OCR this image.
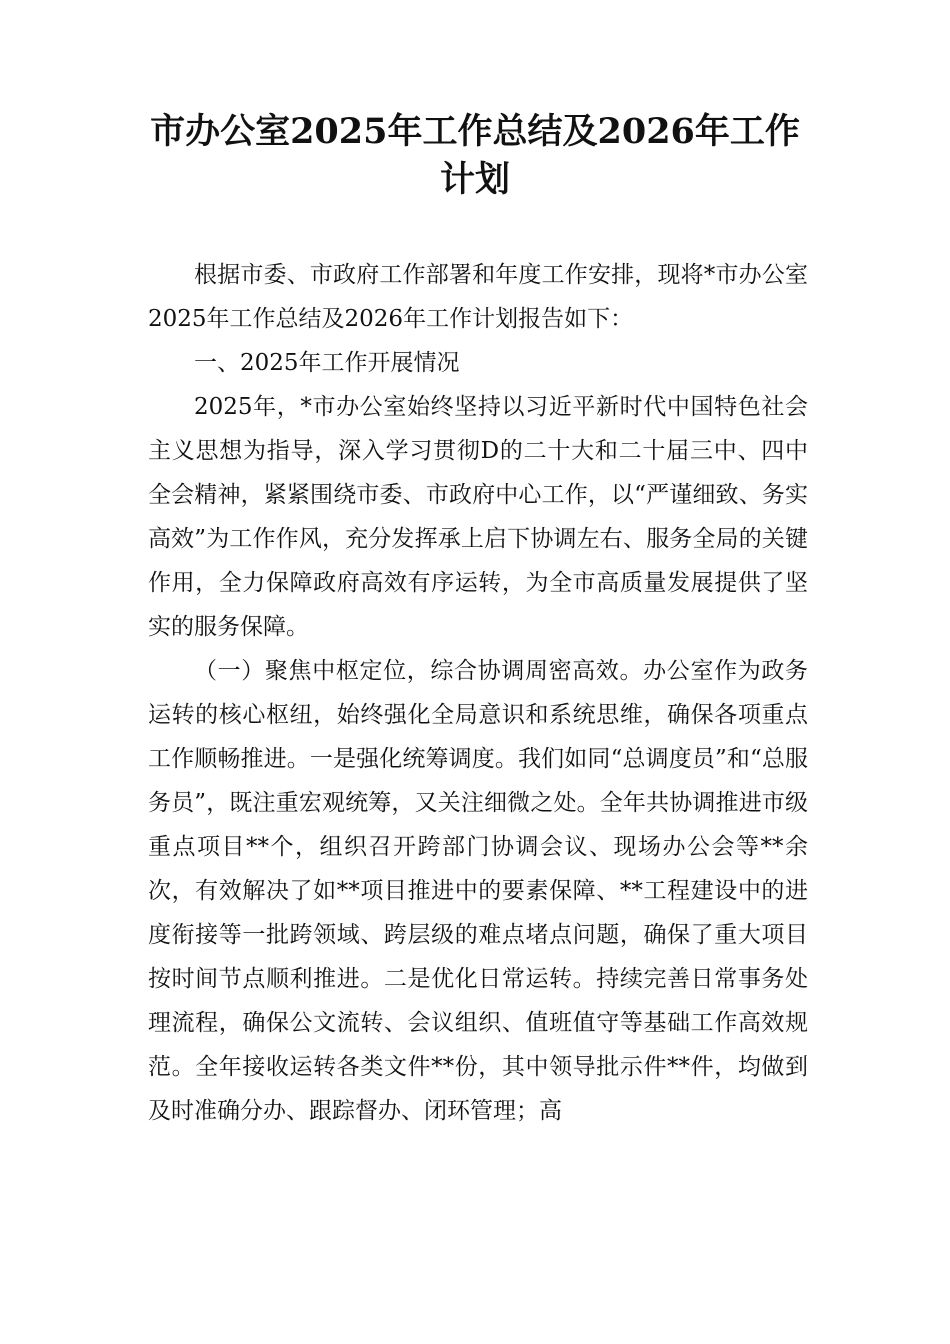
市办公室2025年工作总结及2026年工作计划

根据市委、市政府工作部署和年度工作安排，现将*市办公室2025年工作总结及2026年工作计划报告如下：

一、2025年工作开展情况

2025年，*市办公室始终坚持以习近平新时代中国特色社会主义思想为指导，深入学习贯彻D的二十大和二十届三中、四中全会精神，紧紧围绕市委、市政府中心工作，以“严谨细致、务实高效”为工作作风，充分发挥承上启下协调左右、服务全局的关键作用，全力保障政府高效有序运转，为全市高质量发展提供了坚实的服务保障。

（一）聚焦中枢定位，综合协调周密高效。办公室作为政务运转的核心枢纽，始终强化全局意识和系统思维，确保各项重点工作顺畅推进。一是强化统筹调度。我们如同“总调度员”和“总服务员”，既注重宏观统筹，又关注细微之处。全年共协调推进市级重点项目**个，组织召开跨部门协调会议、现场办公会等**余次，有效解决了如**项目推进中的要素保障、**工程建设中的进度衔接等一批跨领域、跨层级的难点堵点问题，确保了重大项目按时间节点顺利推进。二是优化日常运转。持续完善日常事务处理流程，确保公文流转、会议组织、值班值守等基础工作高效规范。全年接收运转各类文件**份，其中领导批示件**件，均做到及时准确分办、跟踪督办、闭环管理；高
